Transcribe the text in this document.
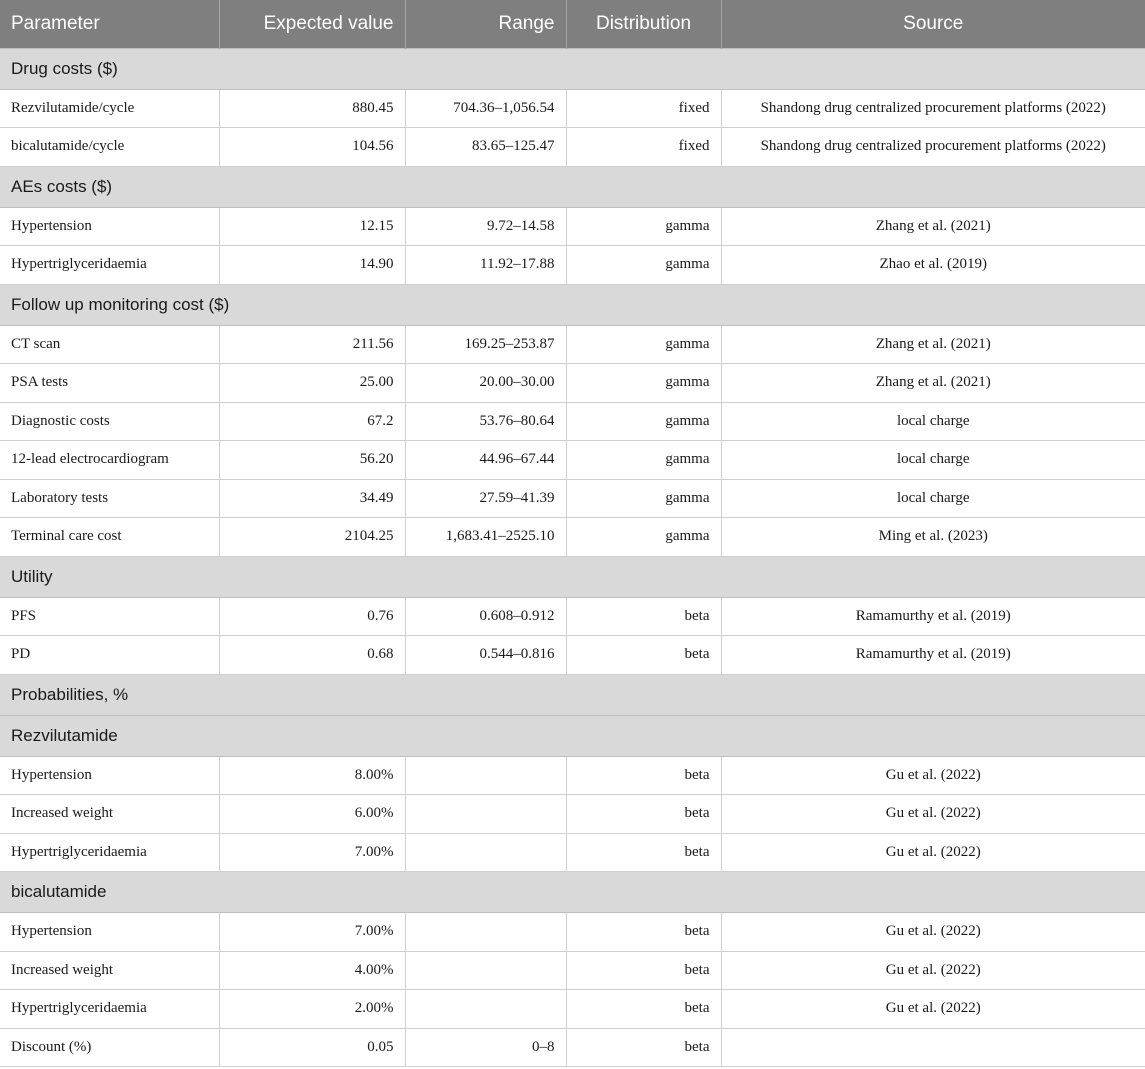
Parameter	Expected value	Range	Distribution	Source
Drug costs ($)				
Rezvilutamide/cycle	880.45	704.36–1,056.54	fixed	Shandong drug centralized procurement platforms (2022)
bicalutamide/cycle	104.56	83.65–125.47	fixed	Shandong drug centralized procurement platforms (2022)
AEs costs ($)				
Hypertension	12.15	9.72–14.58	gamma	Zhang et al. (2021)
Hypertriglyceridaemia	14.90	11.92–17.88	gamma	Zhao et al. (2019)
Follow up monitoring cost ($)				
CT scan	211.56	169.25–253.87	gamma	Zhang et al. (2021)
PSA tests	25.00	20.00–30.00	gamma	Zhang et al. (2021)
Diagnostic costs	67.2	53.76–80.64	gamma	local charge
12-lead electrocardiogram	56.20	44.96–67.44	gamma	local charge
Laboratory tests	34.49	27.59–41.39	gamma	local charge
Terminal care cost	2104.25	1,683.41–2525.10	gamma	Ming et al. (2023)
Utility				
PFS	0.76	0.608–0.912	beta	Ramamurthy et al. (2019)
PD	0.68	0.544–0.816	beta	Ramamurthy et al. (2019)
Probabilities, %				
Rezvilutamide				
Hypertension	8.00%		beta	Gu et al. (2022)
Increased weight	6.00%		beta	Gu et al. (2022)
Hypertriglyceridaemia	7.00%		beta	Gu et al. (2022)
bicalutamide				
Hypertension	7.00%		beta	Gu et al. (2022)
Increased weight	4.00%		beta	Gu et al. (2022)
Hypertriglyceridaemia	2.00%		beta	Gu et al. (2022)
Discount (%)	0.05	0–8	beta	
